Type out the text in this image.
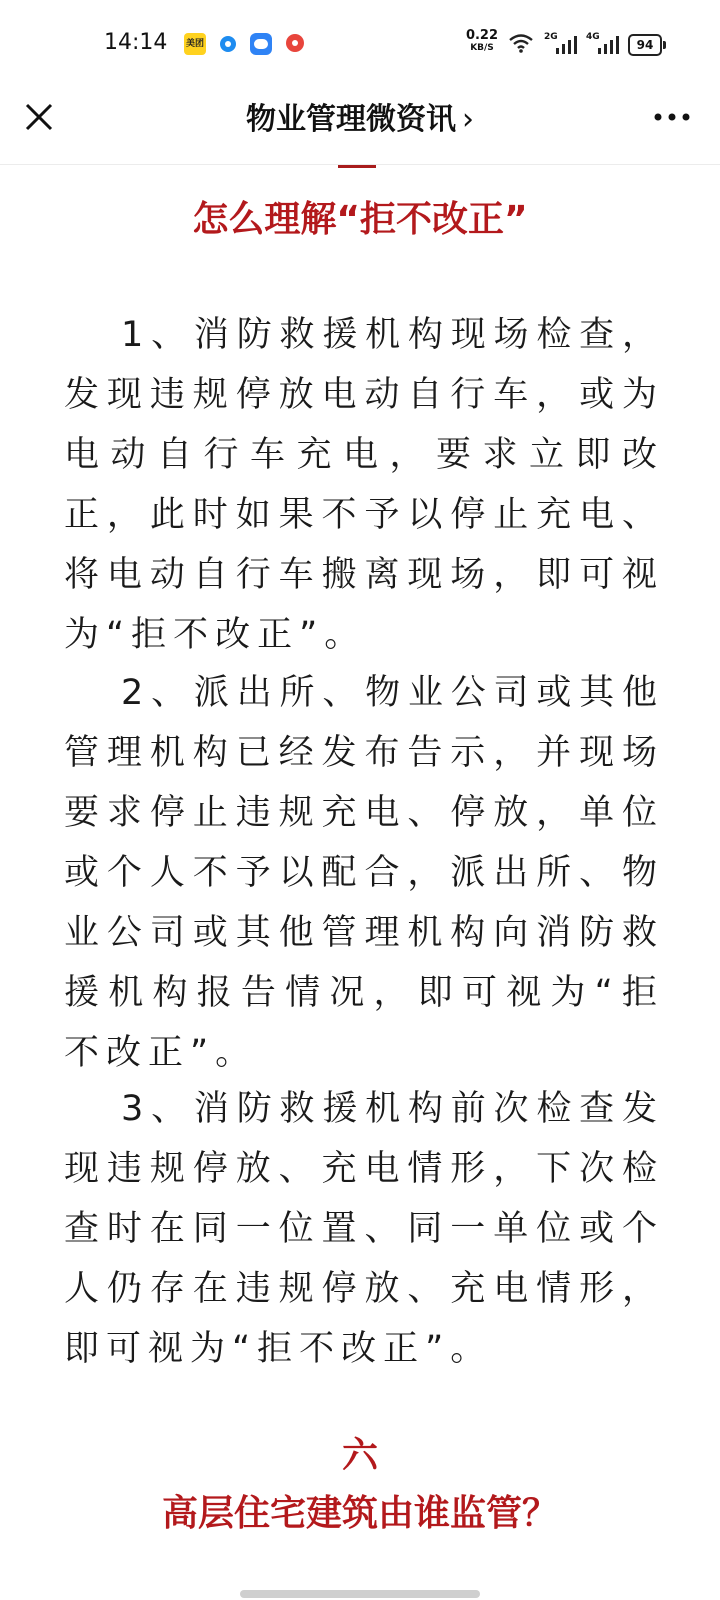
14:14 美团
0.22
KB/S
2G	4G
94
物业管理微资讯 ›
怎么理解“拒不改正”

1、消防救援机构现场检查，发现违规停放电动自行车，或为电动自行车充电，要求立即改正，此时如果不予以停止充电、将电动自行车搬离现场，即可视为“拒不改正”。

2、派出所、物业公司或其他管理机构已经发布告示，并现场要求停止违规充电、停放，单位或个人不予以配合，派出所、物业公司或其他管理机构向消防救援机构报告情况，即可视为“拒不改正”。

3、消防救援机构前次检查发现违规停放、充电情形，下次检查时在同一位置、同一单位或个人仍存在违规停放、充电情形，即可视为“拒不改正”。

六
高层住宅建筑由谁监管？
